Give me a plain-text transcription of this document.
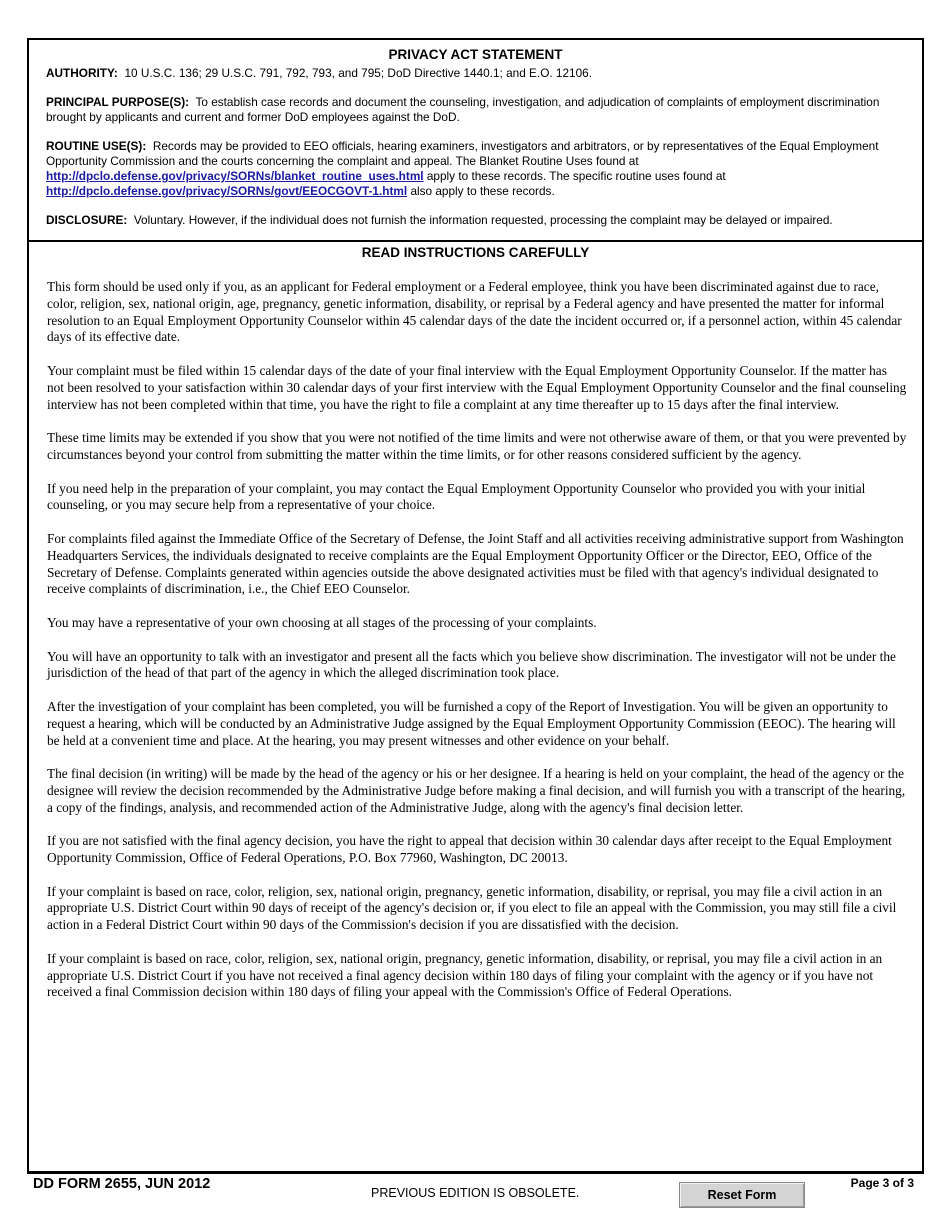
PRIVACY ACT STATEMENT
AUTHORITY: 10 U.S.C. 136; 29 U.S.C. 791, 792, 793, and 795; DoD Directive 1440.1; and E.O. 12106.
PRINCIPAL PURPOSE(S): To establish case records and document the counseling, investigation, and adjudication of complaints of employment discrimination brought by applicants and current and former DoD employees against the DoD.
ROUTINE USE(S): Records may be provided to EEO officials, hearing examiners, investigators and arbitrators, or by representatives of the Equal Employment Opportunity Commission and the courts concerning the complaint and appeal. The Blanket Routine Uses found at
http://dpclo.defense.gov/privacy/SORNs/blanket_routine_uses.html apply to these records. The specific routine uses found at
http://dpclo.defense.gov/privacy/SORNs/govt/EEOCGOVT-1.html also apply to these records.
DISCLOSURE: Voluntary. However, if the individual does not furnish the information requested, processing the complaint may be delayed or impaired.
READ INSTRUCTIONS CAREFULLY

This form should be used only if you, as an applicant for Federal employment or a Federal employee, think you have been discriminated against due to race, color, religion, sex, national origin, age, pregnancy, genetic information, disability, or reprisal by a Federal agency and have presented the matter for informal resolution to an Equal Employment Opportunity Counselor within 45 calendar days of the date the incident occurred or, if a personnel action, within 45 calendar days of its effective date.

Your complaint must be filed within 15 calendar days of the date of your final interview with the Equal Employment Opportunity Counselor. If the matter has not been resolved to your satisfaction within 30 calendar days of your first interview with the Equal Employment Opportunity Counselor and the final counseling interview has not been completed within that time, you have the right to file a complaint at any time thereafter up to 15 days after the final interview.

These time limits may be extended if you show that you were not notified of the time limits and were not otherwise aware of them, or that you were prevented by circumstances beyond your control from submitting the matter within the time limits, or for other reasons considered sufficient by the agency.

If you need help in the preparation of your complaint, you may contact the Equal Employment Opportunity Counselor who provided you with your initial counseling, or you may secure help from a representative of your choice.

For complaints filed against the Immediate Office of the Secretary of Defense, the Joint Staff and all activities receiving administrative support from Washington Headquarters Services, the individuals designated to receive complaints are the Equal Employment Opportunity Officer or the Director, EEO, Office of the Secretary of Defense. Complaints generated within agencies outside the above designated activities must be filed with that agency's individual designated to receive complaints of discrimination, i.e., the Chief EEO Counselor.

You may have a representative of your own choosing at all stages of the processing of your complaints.

You will have an opportunity to talk with an investigator and present all the facts which you believe show discrimination. The investigator will not be under the jurisdiction of the head of that part of the agency in which the alleged discrimination took place.

After the investigation of your complaint has been completed, you will be furnished a copy of the Report of Investigation. You will be given an opportunity to request a hearing, which will be conducted by an Administrative Judge assigned by the Equal Employment Opportunity Commission (EEOC). The hearing will be held at a convenient time and place. At the hearing, you may present witnesses and other evidence on your behalf.

The final decision (in writing) will be made by the head of the agency or his or her designee. If a hearing is held on your complaint, the head of the agency or the designee will review the decision recommended by the Administrative Judge before making a final decision, and will furnish you with a transcript of the hearing, a copy of the findings, analysis, and recommended action of the Administrative Judge, along with the agency's final decision letter.

If you are not satisfied with the final agency decision, you have the right to appeal that decision within 30 calendar days after receipt to the Equal Employment Opportunity Commission, Office of Federal Operations, P.O. Box 77960, Washington, DC 20013.

If your complaint is based on race, color, religion, sex, national origin, pregnancy, genetic information, disability, or reprisal, you may file a civil action in an appropriate U.S. District Court within 90 days of receipt of the agency's decision or, if you elect to file an appeal with the Commission, you may still file a civil action in a Federal District Court within 90 days of the Commission's decision if you are dissatisfied with the decision.

If your complaint is based on race, color, religion, sex, national origin, pregnancy, genetic information, disability, or reprisal, you may file a civil action in an appropriate U.S. District Court if you have not received a final agency decision within 180 days of filing your complaint with the agency or if you have not received a final Commission decision within 180 days of filing your appeal with the Commission's Office of Federal Operations.

DD FORM 2655, JUN 2012
PREVIOUS EDITION IS OBSOLETE.	Reset Form
Page 3 of 3
